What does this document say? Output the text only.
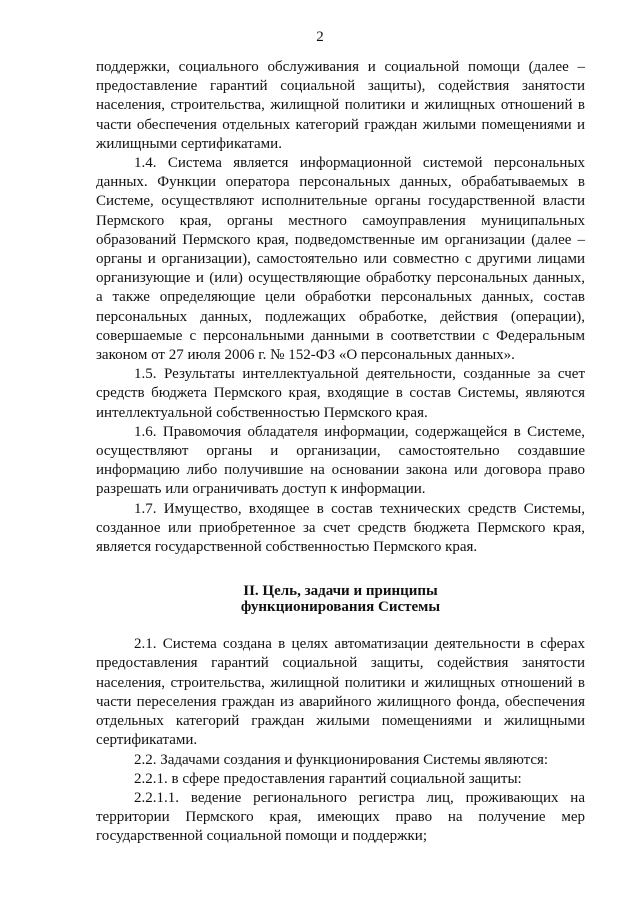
2

поддержки, социального обслуживания и социальной помощи (далее – предоставление гарантий социальной защиты), содействия занятости населения, строительства, жилищной политики и жилищных отношений в части обеспечения отдельных категорий граждан жилыми помещениями и жилищными сертификатами.

1.4. Система является информационной системой персональных данных. Функции оператора персональных данных, обрабатываемых в Системе, осуществляют исполнительные органы государственной власти Пермского края, органы местного самоуправления муниципальных образований Пермского края, подведомственные им организации (далее – органы и организации), самостоятельно или совместно с другими лицами организующие и (или) осуществляющие обработку персональных данных, а также определяющие цели обработки персональных данных, состав персональных данных, подлежащих обработке, действия (операции), совершаемые с персональными данными в соответствии с Федеральным законом от 27 июля 2006 г. № 152-ФЗ «О персональных данных».

1.5. Результаты интеллектуальной деятельности, созданные за счет средств бюджета Пермского края, входящие в состав Системы, являются интеллектуальной собственностью Пермского края.

1.6. Правомочия обладателя информации, содержащейся в Системе, осуществляют органы и организации, самостоятельно создавшие информацию либо получившие на основании закона или договора право разрешать или ограничивать доступ к информации.

1.7. Имущество, входящее в состав технических средств Системы, созданное или приобретенное за счет средств бюджета Пермского края, является государственной собственностью Пермского края.

II. Цель, задачи и принципы
функционирования Системы

2.1. Система создана в целях автоматизации деятельности в сферах предоставления гарантий социальной защиты, содействия занятости населения, строительства, жилищной политики и жилищных отношений в части переселения граждан из аварийного жилищного фонда, обеспечения отдельных категорий граждан жилыми помещениями и жилищными сертификатами.

2.2. Задачами создания и функционирования Системы являются:

2.2.1. в сфере предоставления гарантий социальной защиты:

2.2.1.1. ведение регионального регистра лиц, проживающих на территории Пермского края, имеющих право на получение мер государственной социальной помощи и поддержки;
